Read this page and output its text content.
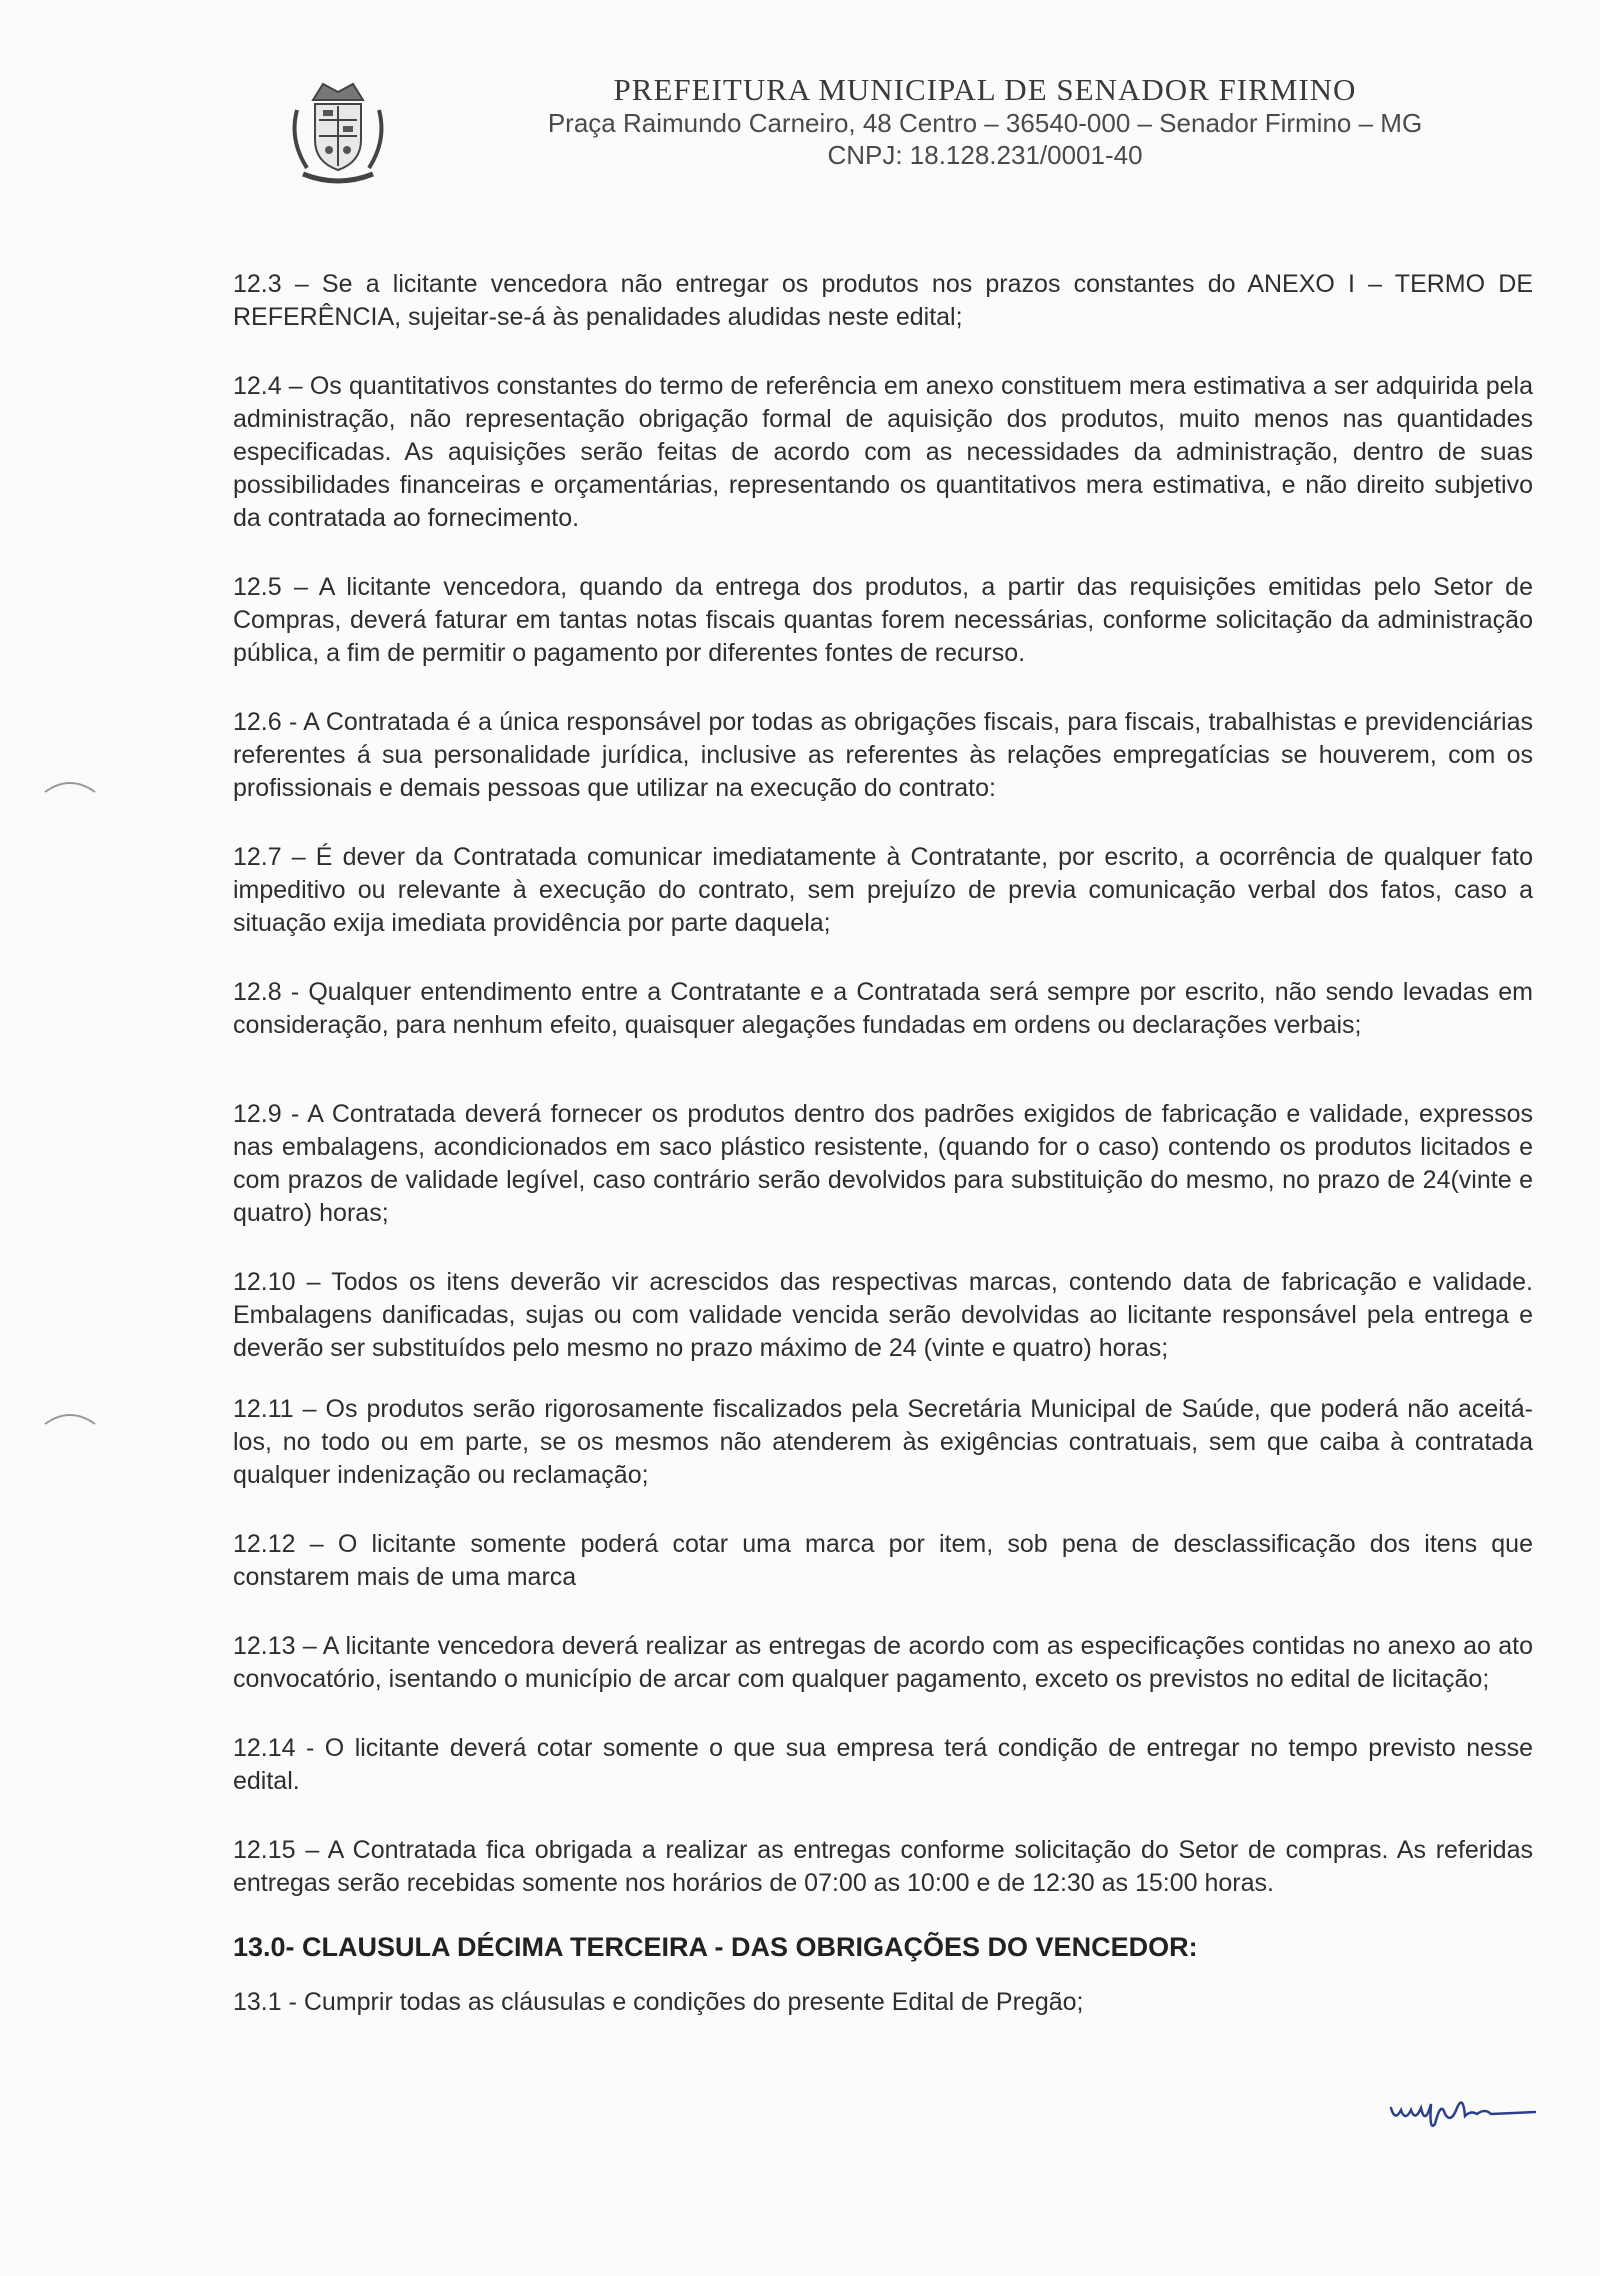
PREFEITURA MUNICIPAL DE SENADOR FIRMINO
Praça Raimundo Carneiro, 48 Centro – 36540-000 – Senador Firmino – MG
CNPJ: 18.128.231/0001-40

12.3 – Se a licitante vencedora não entregar os produtos nos prazos constantes do ANEXO I – TERMO DE REFERÊNCIA, sujeitar-se-á às penalidades aludidas neste edital;

12.4 – Os quantitativos constantes do termo de referência em anexo constituem mera estimativa a ser adquirida pela administração, não representação obrigação formal de aquisição dos produtos, muito menos nas quantidades especificadas. As aquisições serão feitas de acordo com as necessidades da administração, dentro de suas possibilidades financeiras e orçamentárias, representando os quantitativos mera estimativa, e não direito subjetivo da contratada ao fornecimento.

12.5 – A licitante vencedora, quando da entrega dos produtos, a partir das requisições emitidas pelo Setor de Compras, deverá faturar em tantas notas fiscais quantas forem necessárias, conforme solicitação da administração pública, a fim de permitir o pagamento por diferentes fontes de recurso.

12.6 - A Contratada é a única responsável por todas as obrigações fiscais, para fiscais, trabalhistas e previdenciárias referentes á sua personalidade jurídica, inclusive as referentes às relações empregatícias se houverem, com os profissionais e demais pessoas que utilizar na execução do contrato:

12.7 – É dever da Contratada comunicar imediatamente à Contratante, por escrito, a ocorrência de qualquer fato impeditivo ou relevante à execução do contrato, sem prejuízo de previa comunicação verbal dos fatos, caso a situação exija imediata providência por parte daquela;

12.8 - Qualquer entendimento entre a Contratante e a Contratada será sempre por escrito, não sendo levadas em consideração, para nenhum efeito, quaisquer alegações fundadas em ordens ou declarações verbais;

12.9 - A Contratada deverá fornecer os produtos dentro dos padrões exigidos de fabricação e validade, expressos nas embalagens, acondicionados em saco plástico resistente, (quando for o caso) contendo os produtos licitados e com prazos de validade legível, caso contrário serão devolvidos para substituição do mesmo, no prazo de 24(vinte e quatro) horas;

12.10 – Todos os itens deverão vir acrescidos das respectivas marcas, contendo data de fabricação e validade. Embalagens danificadas, sujas ou com validade vencida serão devolvidas ao licitante responsável pela entrega e deverão ser substituídos pelo mesmo no prazo máximo de 24 (vinte e quatro) horas;

12.11 – Os produtos serão rigorosamente fiscalizados pela Secretária Municipal de Saúde, que poderá não aceitá-los, no todo ou em parte, se os mesmos não atenderem às exigências contratuais, sem que caiba à contratada qualquer indenização ou reclamação;

12.12 – O licitante somente poderá cotar uma marca por item, sob pena de desclassificação dos itens que constarem mais de uma marca

12.13 – A licitante vencedora deverá realizar as entregas de acordo com as especificações contidas no anexo ao ato convocatório, isentando o município de arcar com qualquer pagamento, exceto os previstos no edital de licitação;

12.14 - O licitante deverá cotar somente o que sua empresa terá condição de entregar no tempo previsto nesse edital.

12.15 – A Contratada fica obrigada a realizar as entregas conforme solicitação do Setor de compras. As referidas entregas serão recebidas somente nos horários de 07:00 as 10:00 e de 12:30 as 15:00 horas.

13.0- CLAUSULA DÉCIMA TERCEIRA - DAS OBRIGAÇÕES DO VENCEDOR:

13.1 - Cumprir todas as cláusulas e condições do presente Edital de Pregão;
